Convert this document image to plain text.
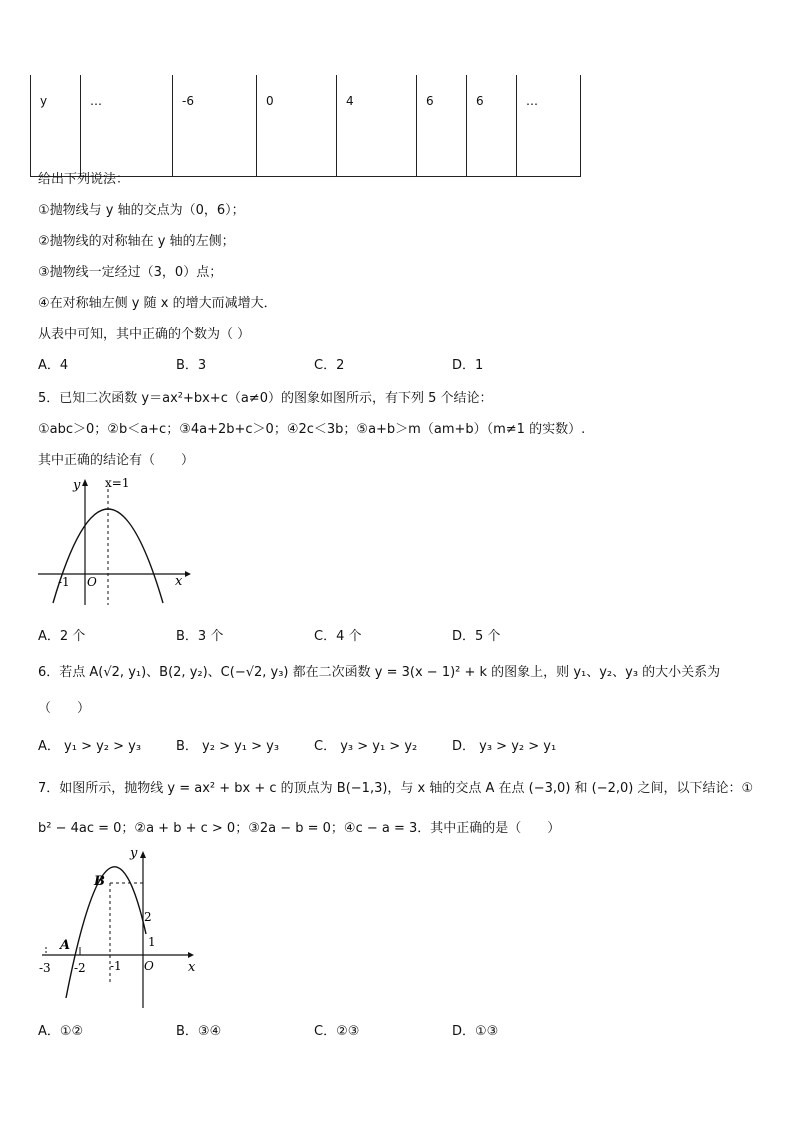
y	…	-6	0	4	6	6	…
给出下列说法：
①抛物线与 y 轴的交点为（0，6）；
②抛物线的对称轴在 y 轴的左侧；
③抛物线一定经过（3，0）点；
④在对称轴左侧 y 随 x 的增大而减增大．
从表中可知，其中正确的个数为（ ）
A．4	B．3	C．2	D．1
5．已知二次函数 y＝ax²+bx+c（a≠0）的图象如图所示，有下列 5 个结论：
①abc＞0；②b＜a+c；③4a+2b+c＞0；④2c＜3b；⑤a+b＞m（am+b）（m≠1 的实数）.
其中正确的结论有（　　）
y x=1
x
-1 O
A．2 个	B．3 个	C．4 个	D．5 个
6．若点 A(√2, y₁)、B(2, y₂)、C(−√2, y₃) 都在二次函数 y = 3(x − 1)² + k 的图象上，则 y₁、y₂、y₃ 的大小关系为
（　　）
A． y₁ > y₂ > y₃	B． y₂ > y₁ > y₃	C． y₃ > y₁ > y₂	D． y₃ > y₂ > y₁
7．如图所示，抛物线 y = ax² + bx + c 的顶点为 B(−1,3)，与 x 轴的交点 A 在点 (−3,0) 和 (−2,0) 之间，以下结论：①
b² − 4ac = 0；②a + b + c > 0；③2a − b = 0；④c − a = 3．其中正确的是（　　）
y
B
A
2
1
-3 -2 -1 O	x
A．①②	B．③④	C．②③	D．①③
